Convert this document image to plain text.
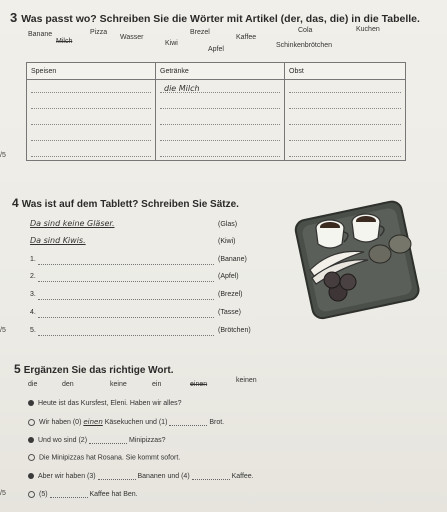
3 Was passt wo? Schreiben Sie die Wörter mit Artikel (der, das, die) in die Tabelle.
Banane
Milch
Pizza
Wasser
Kiwi
Brezel
Apfel
Kaffee
Cola
Schinkenbrötchen
Kuchen
Speisen	Getränke	Obst

	die Milch	

/5
4 Was ist auf dem Tablett? Schreiben Sie Sätze.
Da sind keine Gläser.	(Glas)
Da sind Kiwis.	(Kiwi)
1.	(Banane)
2.	(Apfel)
3.	(Brezel)
4.	(Tasse)
5.	(Brötchen)
/5
5 Ergänzen Sie das richtige Wort.
die	den	keine	ein	einen
keinen
Heute ist das Kursfest, Eleni. Haben wir alles?
Wir haben (0) einen Käsekuchen und (1)	Brot.
Und wo sind (2)	Minipizzas?
Die Minipizzas hat Rosana. Sie kommt sofort.
Aber wir haben (3)	Bananen und (4)	Kaffee.
(5)	Kaffee hat Ben.
/5
